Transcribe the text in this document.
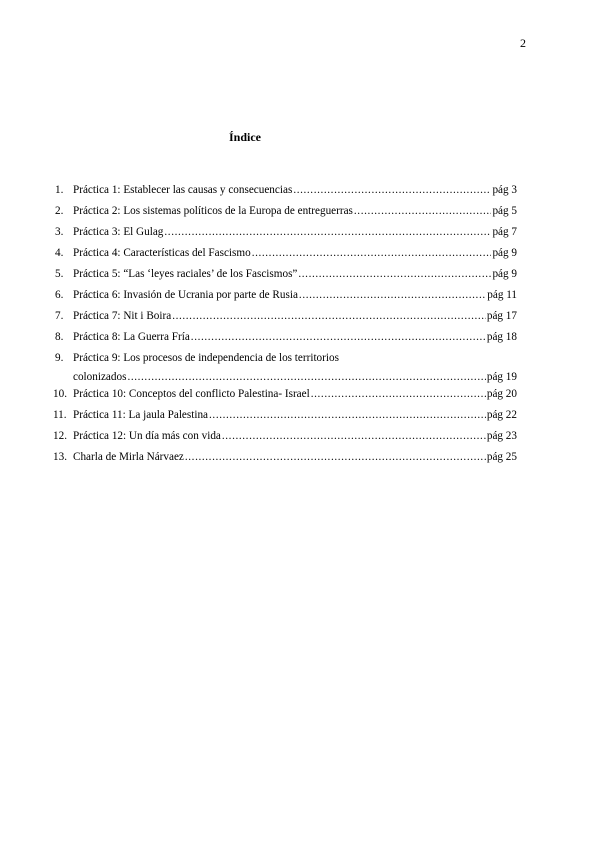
2
Índice
1. Práctica 1: Establecer las causas y consecuencias .....	pág 3
2. Práctica 2: Los sistemas políticos de la Europa de entreguerras .....	pág 5
3. Práctica 3: El Gulag .....	pág 7
4. Práctica 4: Características del Fascismo .....	pág 9
5. Práctica 5: “Las ‘leyes raciales’ de los Fascismos” .....	pág 9
6. Práctica 6: Invasión de Ucrania por parte de Rusia .....	pág 11
7. Práctica 7: Nit i Boira .....	pág 17
8. Práctica 8: La Guerra Fría .....	pág 18
9. Práctica 9: Los procesos de independencia de los territorios
colonizados .....	pág 19
10. Práctica 10: Conceptos del conflicto Palestina- Israel .....	pág 20
11. Práctica 11: La jaula Palestina .....	pág 22
12. Práctica 12: Un día más con vida .....	pág 23
13. Charla de Mirla Nárvaez .....	pág 25
